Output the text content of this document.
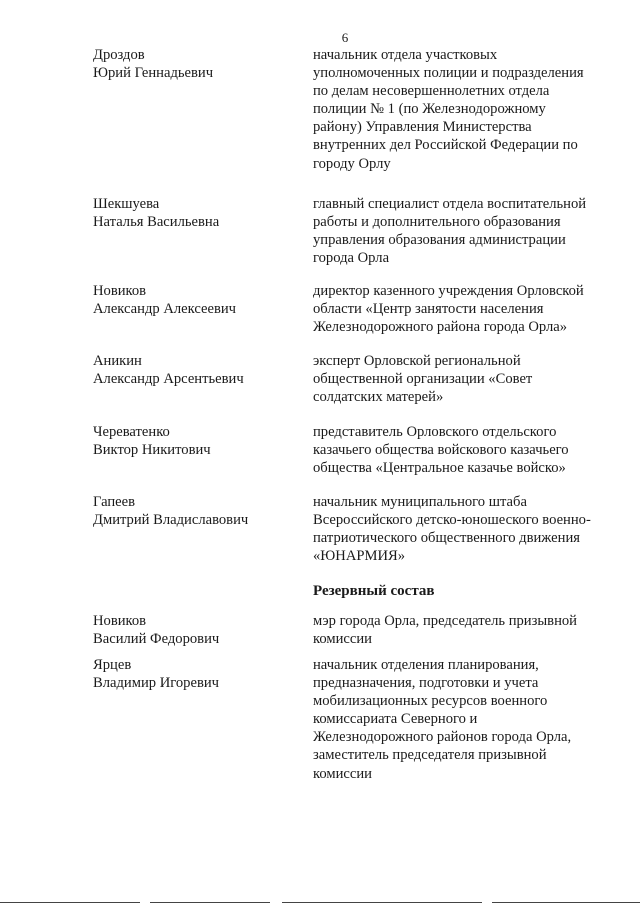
6
Дроздов
Юрий Геннадьевич
начальник отдела участковых
уполномоченных полиции и подразделения
по делам несовершеннолетних отдела
полиции № 1 (по Железнодорожному
району) Управления Министерства
внутренних дел Российской Федерации по
городу Орлу
Шекшуева
Наталья Васильевна
главный специалист отдела воспитательной
работы и дополнительного образования
управления образования администрации
города Орла
Новиков
Александр Алексеевич
директор казенного учреждения Орловской
области «Центр занятости населения
Железнодорожного района города Орла»
Аникин
Александр Арсентьевич
эксперт Орловской региональной
общественной организации «Совет
солдатских матерей»
Череватенко
Виктор Никитович
представитель Орловского отдельского
казачьего общества войскового казачьего
общества «Центральное казачье войско»
Гапеев
Дмитрий Владиславович
начальник муниципального штаба
Всероссийского детско-юношеского военно-
патриотического общественного движения
«ЮНАРМИЯ»
Резервный состав
Новиков
Василий Федорович
мэр города Орла, председатель призывной
комиссии
Ярцев
Владимир Игоревич
начальник отделения планирования,
предназначения, подготовки и учета
мобилизационных ресурсов военного
комиссариата Северного и
Железнодорожного районов города Орла,
заместитель председателя призывной
комиссии
